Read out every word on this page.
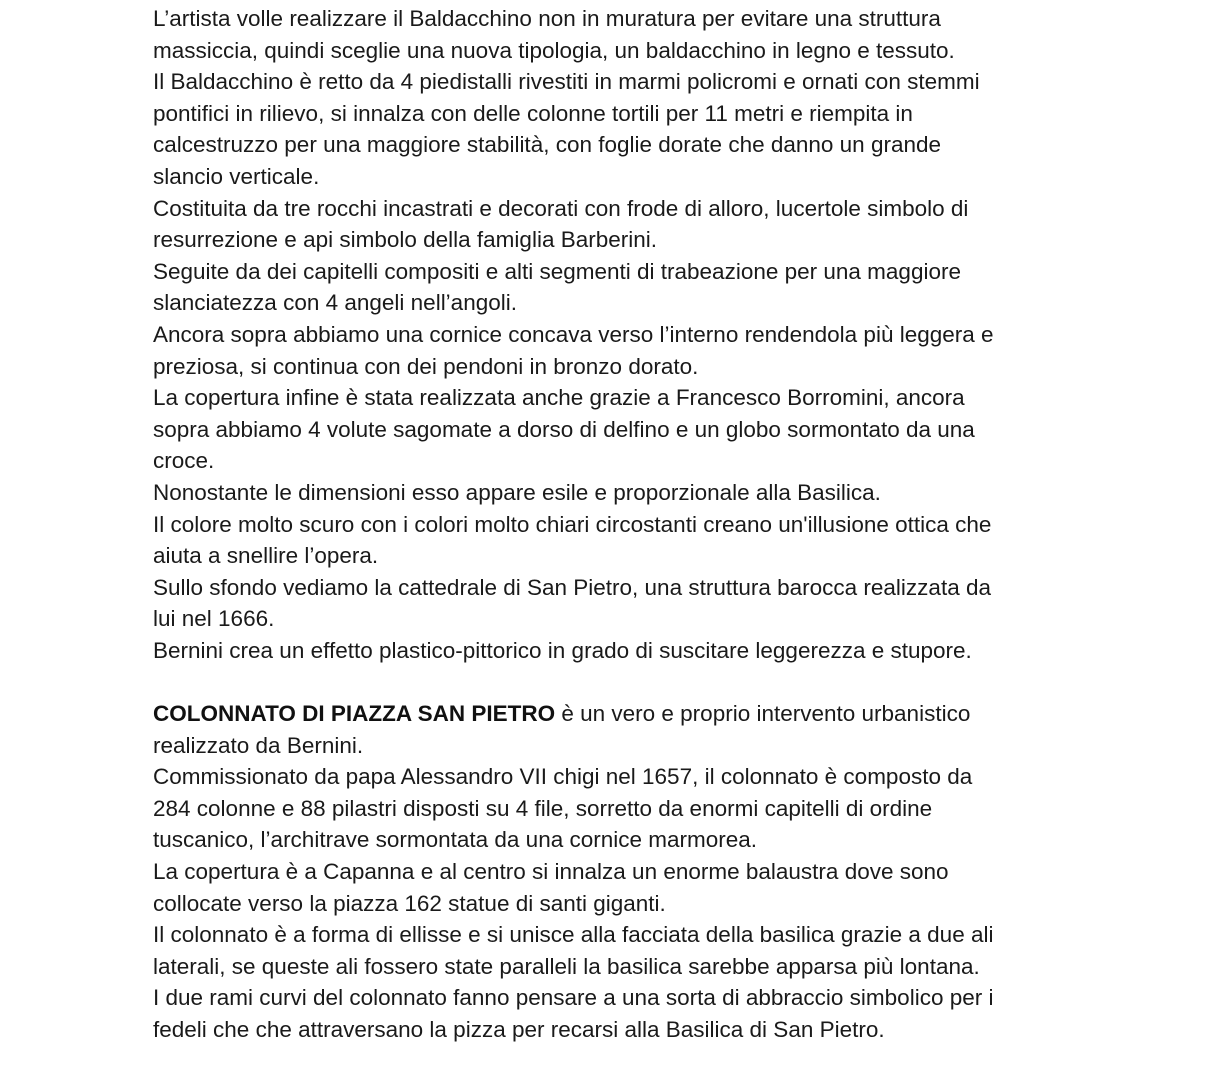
L’artista volle realizzare il Baldacchino non in muratura per evitare una struttura
massiccia, quindi sceglie una nuova tipologia, un baldacchino in legno e tessuto.
Il Baldacchino è retto da 4 piedistalli rivestiti in marmi policromi e ornati con stemmi
pontifici in rilievo, si innalza con delle colonne tortili per 11 metri e riempita in
calcestruzzo per una maggiore stabilità, con foglie dorate che danno un grande
slancio verticale.
Costituita da tre rocchi incastrati e decorati con frode di alloro, lucertole simbolo di
resurrezione e api simbolo della famiglia Barberini.
Seguite da dei capitelli compositi e alti segmenti di trabeazione per una maggiore
slanciatezza con 4 angeli nell’angoli.
Ancora sopra abbiamo una cornice concava verso l’interno rendendola più leggera e
preziosa, si continua con dei pendoni in bronzo dorato.
La copertura infine è stata realizzata anche grazie a Francesco Borromini, ancora
sopra abbiamo 4 volute sagomate a dorso di delfino e un globo sormontato da una
croce.
Nonostante le dimensioni esso appare esile e proporzionale alla Basilica.
Il colore molto scuro con i colori molto chiari circostanti creano un'illusione ottica che
aiuta a snellire l’opera.
Sullo sfondo vediamo la cattedrale di San Pietro, una struttura barocca realizzata da
lui nel 1666.
Bernini crea un effetto plastico-pittorico in grado di suscitare leggerezza e stupore.
COLONNATO DI PIAZZA SAN PIETRO è un vero e proprio intervento urbanistico
realizzato da Bernini.
Commissionato da papa Alessandro VII chigi nel 1657, il colonnato è composto da
284 colonne e 88 pilastri disposti su 4 file, sorretto da enormi capitelli di ordine
tuscanico, l’architrave sormontata da una cornice marmorea.
La copertura è a Capanna e al centro si innalza un enorme balaustra dove sono
collocate verso la piazza 162 statue di santi giganti.
Il colonnato è a forma di ellisse e si unisce alla facciata della basilica grazie a due ali
laterali, se queste ali fossero state paralleli la basilica sarebbe apparsa più lontana.
I due rami curvi del colonnato fanno pensare a una sorta di abbraccio simbolico per i
fedeli che che attraversano la pizza per recarsi alla Basilica di San Pietro.
